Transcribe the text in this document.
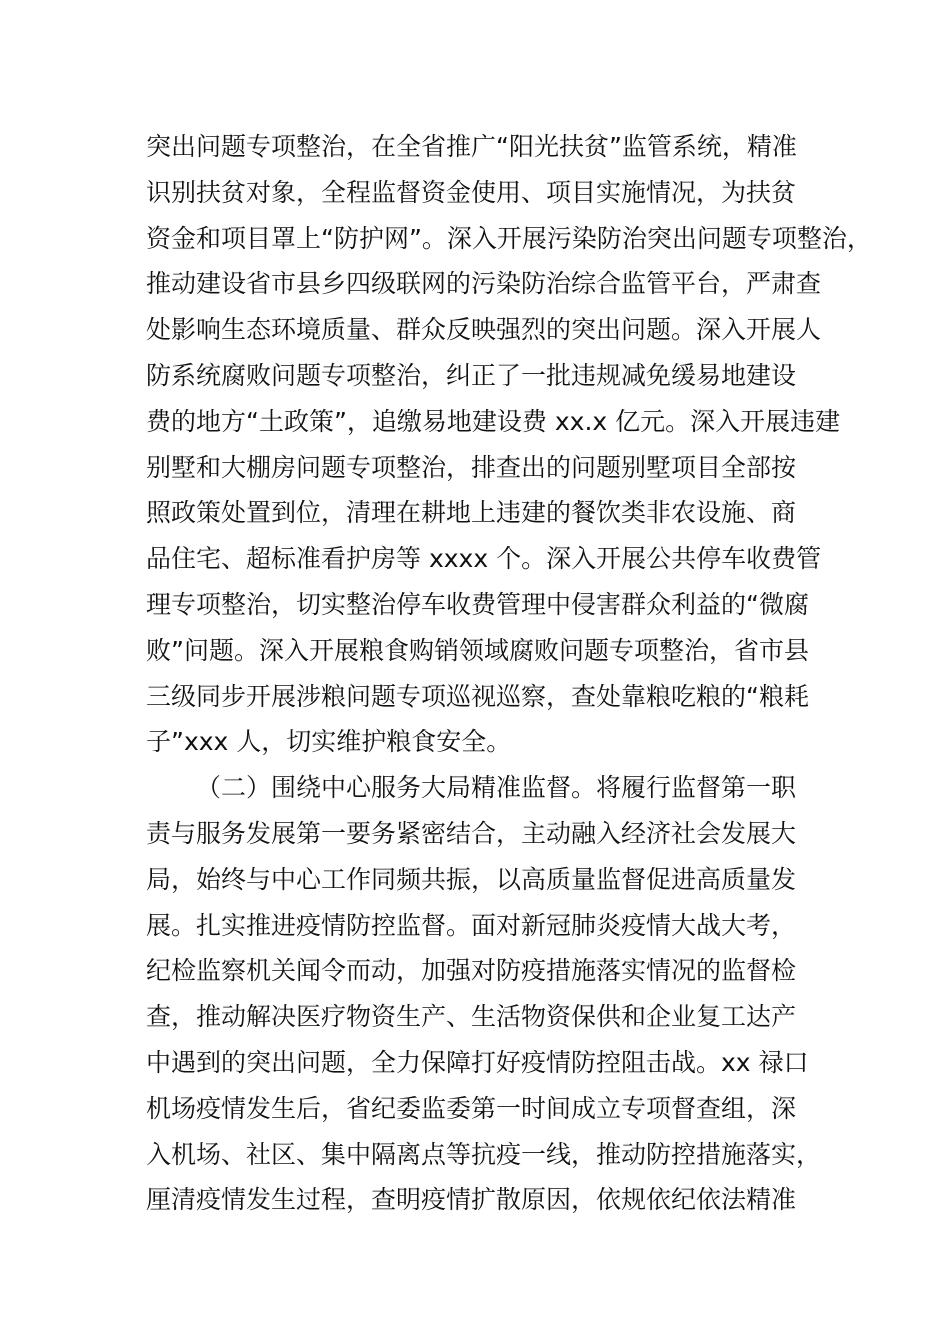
突出问题专项整治，在全省推广“阳光扶贫”监管系统，精准
识别扶贫对象，全程监督资金使用、项目实施情况，为扶贫
资金和项目罩上“防护网”。深入开展污染防治突出问题专项整治，
推动建设省市县乡四级联网的污染防治综合监管平台，严肃查
处影响生态环境质量、群众反映强烈的突出问题。深入开展人
防系统腐败问题专项整治，纠正了一批违规减免缓易地建设
费的地方“土政策”，追缴易地建设费 xx.x 亿元。深入开展违建
别墅和大棚房问题专项整治，排查出的问题别墅项目全部按
照政策处置到位，清理在耕地上违建的餐饮类非农设施、商
品住宅、超标准看护房等 xxxx 个。深入开展公共停车收费管
理专项整治，切实整治停车收费管理中侵害群众利益的“微腐
败”问题。深入开展粮食购销领域腐败问题专项整治，省市县
三级同步开展涉粮问题专项巡视巡察，查处靠粮吃粮的“粮耗
子”xxx 人，切实维护粮食安全。
（二）围绕中心服务大局精准监督。将履行监督第一职
责与服务发展第一要务紧密结合，主动融入经济社会发展大
局，始终与中心工作同频共振，以高质量监督促进高质量发
展。扎实推进疫情防控监督。面对新冠肺炎疫情大战大考，
纪检监察机关闻令而动，加强对防疫措施落实情况的监督检
查，推动解决医疗物资生产、生活物资保供和企业复工达产
中遇到的突出问题，全力保障打好疫情防控阻击战。xx 禄口
机场疫情发生后，省纪委监委第一时间成立专项督查组，深
入机场、社区、集中隔离点等抗疫一线，推动防控措施落实，
厘清疫情发生过程，查明疫情扩散原因，依规依纪依法精准
